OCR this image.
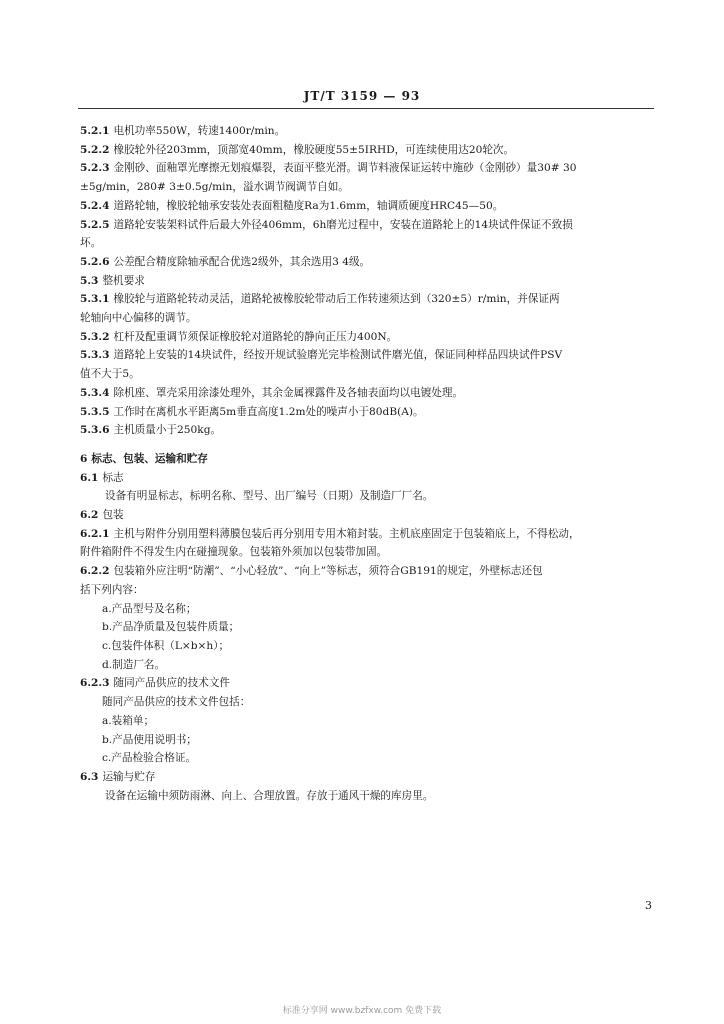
JT/T 3159 — 93
5.2.1 电机功率550W，转速1400r/min。
5.2.2 橡胶轮外径203mm，顶部宽40mm，橡胶硬度55±5IRHD，可连续使用达20轮次。
5.2.3 金刚砂、面釉罩光摩擦无划痕爆裂，表面平整光滑。调节料液保证运转中施砂（金刚砂）量30# 30
±5g/min，280# 3±0.5g/min，溢水调节阀调节自如。
5.2.4 道路轮轴，橡胶轮轴承安装处表面粗糙度Ra为1.6mm，轴调质硬度HRC45—50。
5.2.5 道路轮安装架料试件后最大外径406mm，6h磨光过程中，安装在道路轮上的14块试件保证不致损
坏。
5.2.6 公差配合精度除轴承配合优选2级外，其余选用3 4级。
5.3 整机要求
5.3.1 橡胶轮与道路轮转动灵活，道路轮被橡胶轮带动后工作转速须达到（320±5）r/min，并保证两
轮轴向中心偏移的调节。
5.3.2 杠杆及配重调节须保证橡胶轮对道路轮的静向正压力400N。
5.3.3 道路轮上安装的14块试件，经按开规试验磨光完毕检测试件磨光值，保证同种样品四块试件PSV
值不大于5。
5.3.4 除机座、罩壳采用涂漆处理外，其余金属裸露件及各轴表面均以电镀处理。
5.3.5 工作时在离机水平距离5m垂直高度1.2m处的噪声小于80dB(A)。
5.3.6 主机质量小于250kg。
6 标志、包装、运输和贮存
6.1 标志
设备有明显标志，标明名称、型号、出厂编号（日期）及制造厂厂名。
6.2 包装
6.2.1 主机与附件分别用塑料薄膜包装后再分别用专用木箱封装。主机底座固定于包装箱底上，不得松动，
附件箱附件不得发生内在碰撞现象。包装箱外须加以包装带加固。
6.2.2 包装箱外应注明“防潮”、“小心轻放”、“向上”等标志，须符合GB191的规定，外壁标志还包
括下列内容：
a.产品型号及名称；
b.产品净质量及包装件质量；
c.包装件体积（L×b×h）；
d.制造厂名。
6.2.3 随同产品供应的技术文件
随同产品供应的技术文件包括：
a.装箱单；
b.产品使用说明书；
c.产品检验合格证。
6.3 运输与贮存
设备在运输中须防雨淋、向上、合理放置。存放于通风干燥的库房里。
3
标准分享网 www.bzfxw.com 免费下载
